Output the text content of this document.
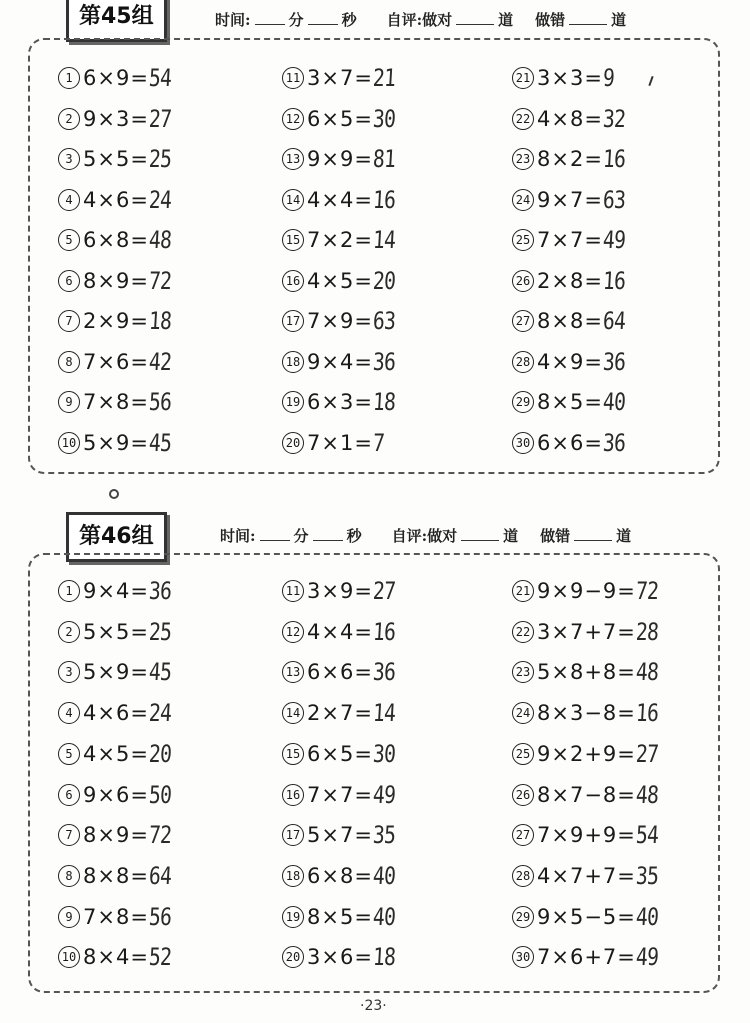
第45组	时间:	分	秒 自评:做对	道 做错	道
1 6×9= 54
2 9×3= 27
3 5×5= 25
4 4×6= 24
5 6×8= 48
6 8×9= 72
7 2×9= 18
8 7×6= 42
9 7×8= 56
10 5×9= 45
11 3×7= 21
12 6×5= 30
13 9×9= 81
14 4×4= 16
15 7×2= 14
16 4×5= 20
17 7×9= 63
18 9×4= 36
19 6×3= 18
20 7×1= 7
21 3×3= 9
22 4×8= 32
23 8×2= 16
24 9×7= 63
25 7×7= 49
26 2×8= 16
27 8×8= 64
28 4×9= 36
29 8×5= 40
30 6×6= 36
第46组	时间:	分	秒 自评:做对	道 做错	道
1 9×4= 36
2 5×5= 25
3 5×9= 45
4 4×6= 24
5 4×5= 20
6 9×6= 50
7 8×9= 72
8 8×8= 64
9 7×8= 56
10 8×4= 52
11 3×9= 27
12 4×4= 16
13 6×6= 36
14 2×7= 14
15 6×5= 30
16 7×7= 49
17 5×7= 35
18 6×8= 40
19 8×5= 40
20 3×6= 18
21 9×9−9= 72
22 3×7+7= 28
23 5×8+8= 48
24 8×3−8= 16
25 9×2+9= 27
26 8×7−8= 48
27 7×9+9= 54
28 4×7+7= 35
29 9×5−5= 40
30 7×6+7= 49
·23·
